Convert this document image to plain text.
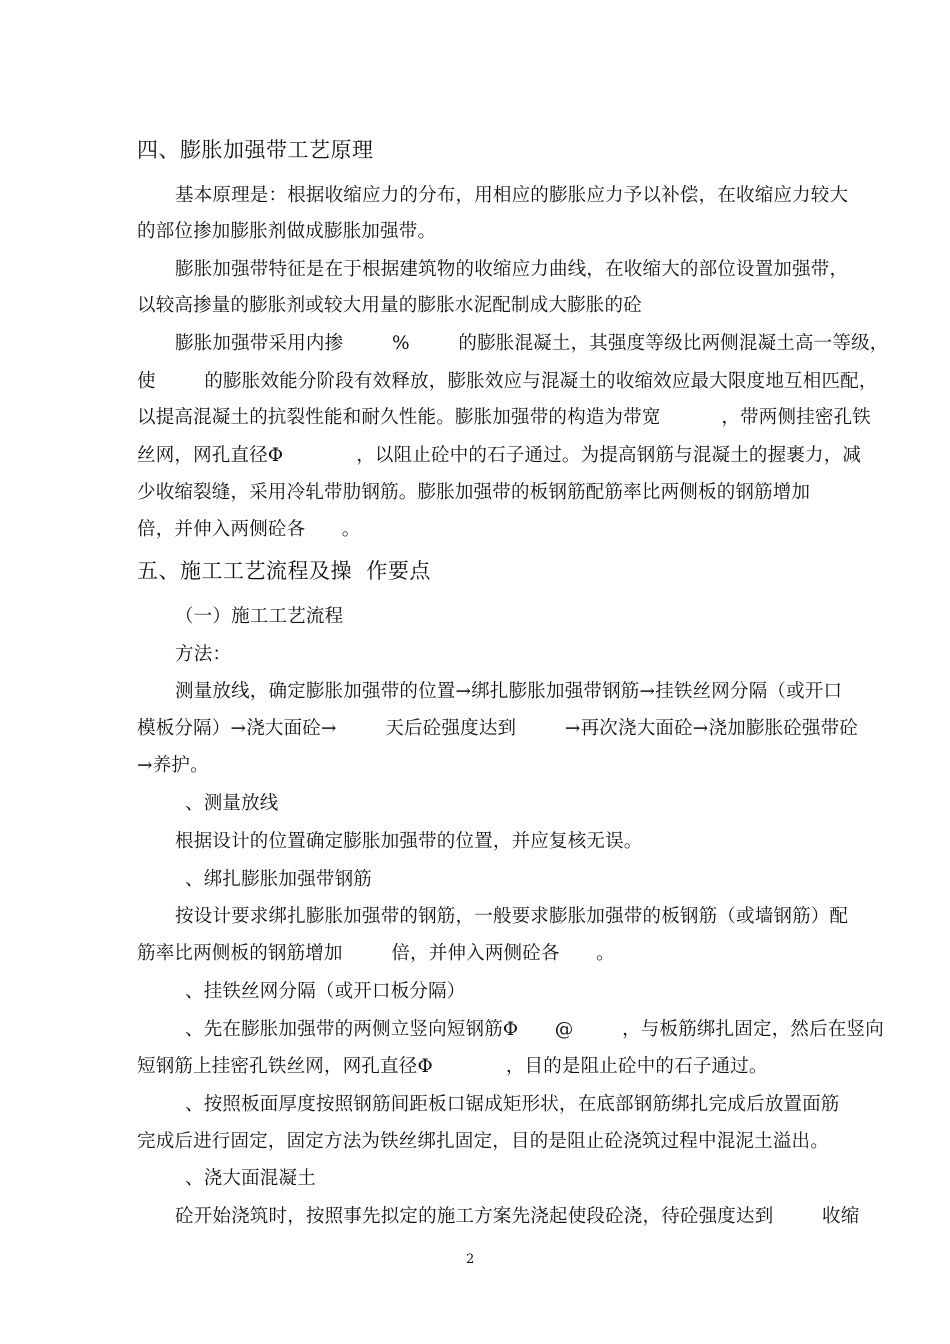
四、膨胀加强带工艺原理
基本原理是：根据收缩应力的分布，用相应的膨胀应力予以补偿，在收缩应力较大
的部位掺加膨胀剂做成膨胀加强带。
膨胀加强带特征是在于根据建筑物的收缩应力曲线，在收缩大的部位设置加强带，
以较高掺量的膨胀剂或较大用量的膨胀水泥配制成大膨胀的砼
膨胀加强带采用内掺        %        的膨胀混凝土，其强度等级比两侧混凝土高一等级，
使        的膨胀效能分阶段有效释放，膨胀效应与混凝土的收缩效应最大限度地互相匹配，
以提高混凝土的抗裂性能和耐久性能。膨胀加强带的构造为带宽          ，带两侧挂密孔铁
丝网，网孔直径Φ            ，以阻止砼中的石子通过。为提高钢筋与混凝土的握裹力，减
少收缩裂缝，采用冷轧带肋钢筋。膨胀加强带的板钢筋配筋率比两侧板的钢筋增加
倍，并伸入两侧砼各      。
五、施工工艺流程及操  作要点
（一）施工工艺流程
方法：
测量放线，确定膨胀加强带的位置→绑扎膨胀加强带钢筋→挂铁丝网分隔（或开口
模板分隔）→浇大面砼→        天后砼强度达到        →再次浇大面砼→浇加膨胀砼强带砼
→养护。
、测量放线
根据设计的位置确定膨胀加强带的位置，并应复核无误。
、绑扎膨胀加强带钢筋
按设计要求绑扎膨胀加强带的钢筋，一般要求膨胀加强带的板钢筋（或墙钢筋）配
筋率比两侧板的钢筋增加        倍，并伸入两侧砼各      。
、挂铁丝网分隔（或开口板分隔）
、先在膨胀加强带的两侧立竖向短钢筋Φ      @        ，与板筋绑扎固定，然后在竖向
短钢筋上挂密孔铁丝网，网孔直径Φ            ，目的是阻止砼中的石子通过。
、按照板面厚度按照钢筋间距板口锯成矩形状，在底部钢筋绑扎完成后放置面筋
完成后进行固定，固定方法为铁丝绑扎固定，目的是阻止砼浇筑过程中混泥土溢出。
、浇大面混凝土
砼开始浇筑时，按照事先拟定的施工方案先浇起使段砼浇，待砼强度达到        收缩
2
